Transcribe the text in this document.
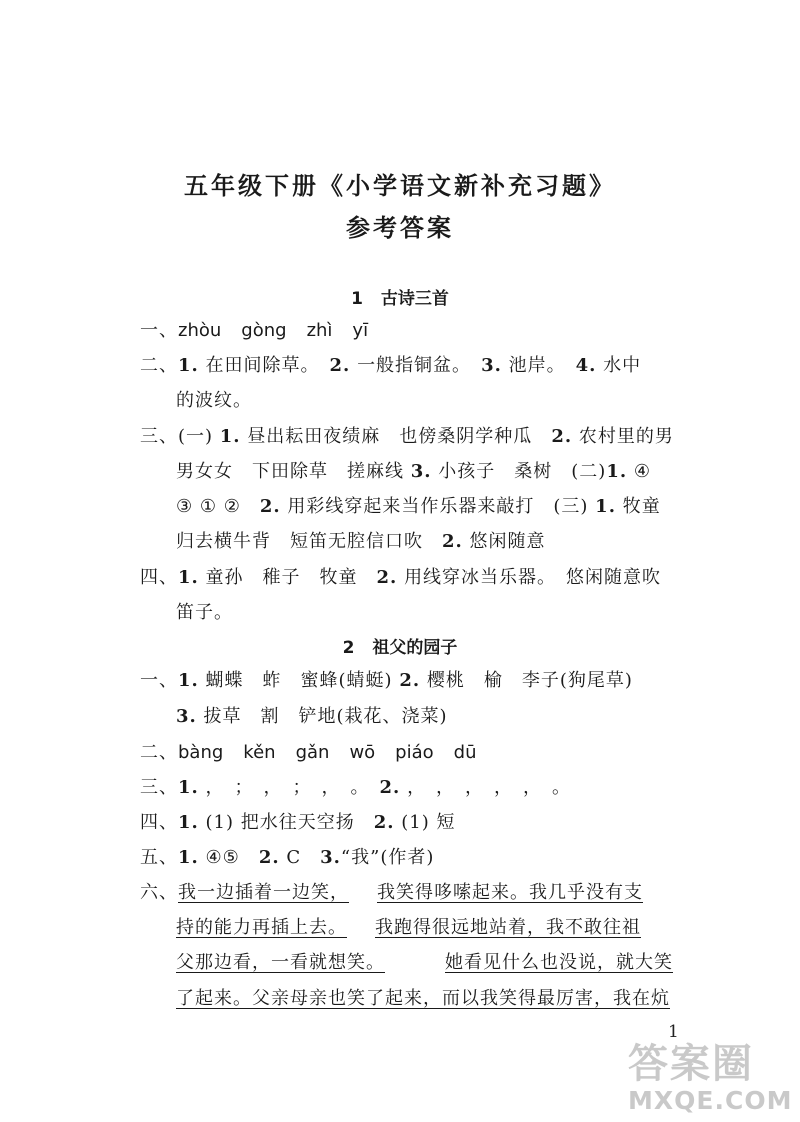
五年级下册《小学语文新补充习题》
参考答案
1 古诗三首
一、zhòu gòng zhì yī
二、1. 在田间除草。　 2. 一般指铜盆。　 3. 池岸。　 4. 水中
的波纹。
三、(一) 1. 昼出耘田夜绩麻　也傍桑阴学种瓜　 2. 农村里的男
男女女　下田除草　搓麻线 3. 小孩子　桑树　(二)1. ④
③ ① ②　 2. 用彩线穿起来当作乐器来敲打　(三) 1. 牧童
归去横牛背　短笛无腔信口吹　 2. 悠闲随意
四、1. 童孙　稚子　牧童　 2. 用线穿冰当乐器。　悠闲随意吹
笛子。
2 祖父的园子
一、1. 蝴蝶　蚱　蜜蜂(蜻蜓) 2. 樱桃　榆　李子(狗尾草)
3. 拔草　割　铲地(栽花、浇菜)
二、bàng kěn gǎn wō piáo dū
三、1. ，　；　，　；　，　。　 2. ，　，　，　，　，　。
四、1. (1) 把水往天空扬　 2. (1) 短
五、1. ④⑤　 2. C　 3.“我”(作者)
六、我一边插着一边笑， 我笑得哆嗦起来。我几乎没有支
持的能力再插上去。 我跑得很远地站着，我不敢往祖
父那边看，一看就想笑。	她看见什么也没说，就大笑
了起来。父亲母亲也笑了起来，而以我笑得最厉害，我在炕
1
答案圈
MXQE.COM
